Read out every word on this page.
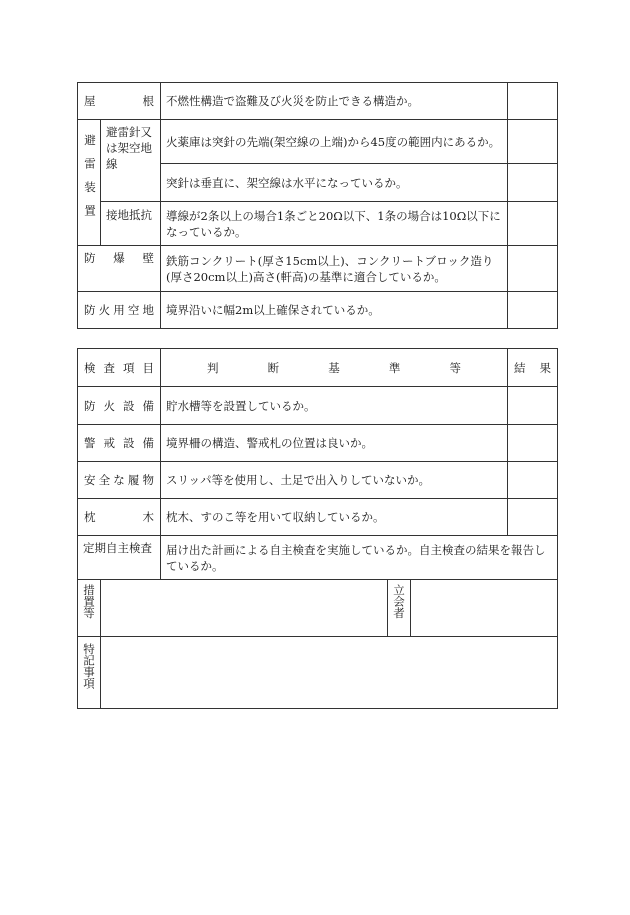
屋 根		不燃性構造で盗難及び火災を防止できる構造か。	
避雷装置	避雷針又は架空地線	火薬庫は突針の先端(架空線の上端)から45度の範囲内にあるか。	
		突針は垂直に、架空線は水平になっているか。	
	接地抵抗	導線が2条以上の場合1条ごと20Ω以下、1条の場合は10Ω以下になっているか。	

防 爆 壁		鉄筋コンクリート(厚さ15cm以上)、コンクリートブロック造り(厚さ20cm以上)高さ(軒高)の基準に適合しているか。	

防 火 用 空 地		境界沿いに幅2m以上確保されているか。	
検 査 項 目		判 断 基 準 等			結 果

防 火 設 備		貯水槽等を設置しているか。			

警 戒 設 備		境界柵の構造、警戒札の位置は良いか。			

安 全 な 履 物		スリッパ等を使用し、土足で出入りしていないか。			

枕 木		枕木、すのこ等を用いて収納しているか。			
定期自主検査		届け出た計画による自主検査を実施しているか。自主検査の結果を報告しているか。			
措置等			立会者		
特記事項					
